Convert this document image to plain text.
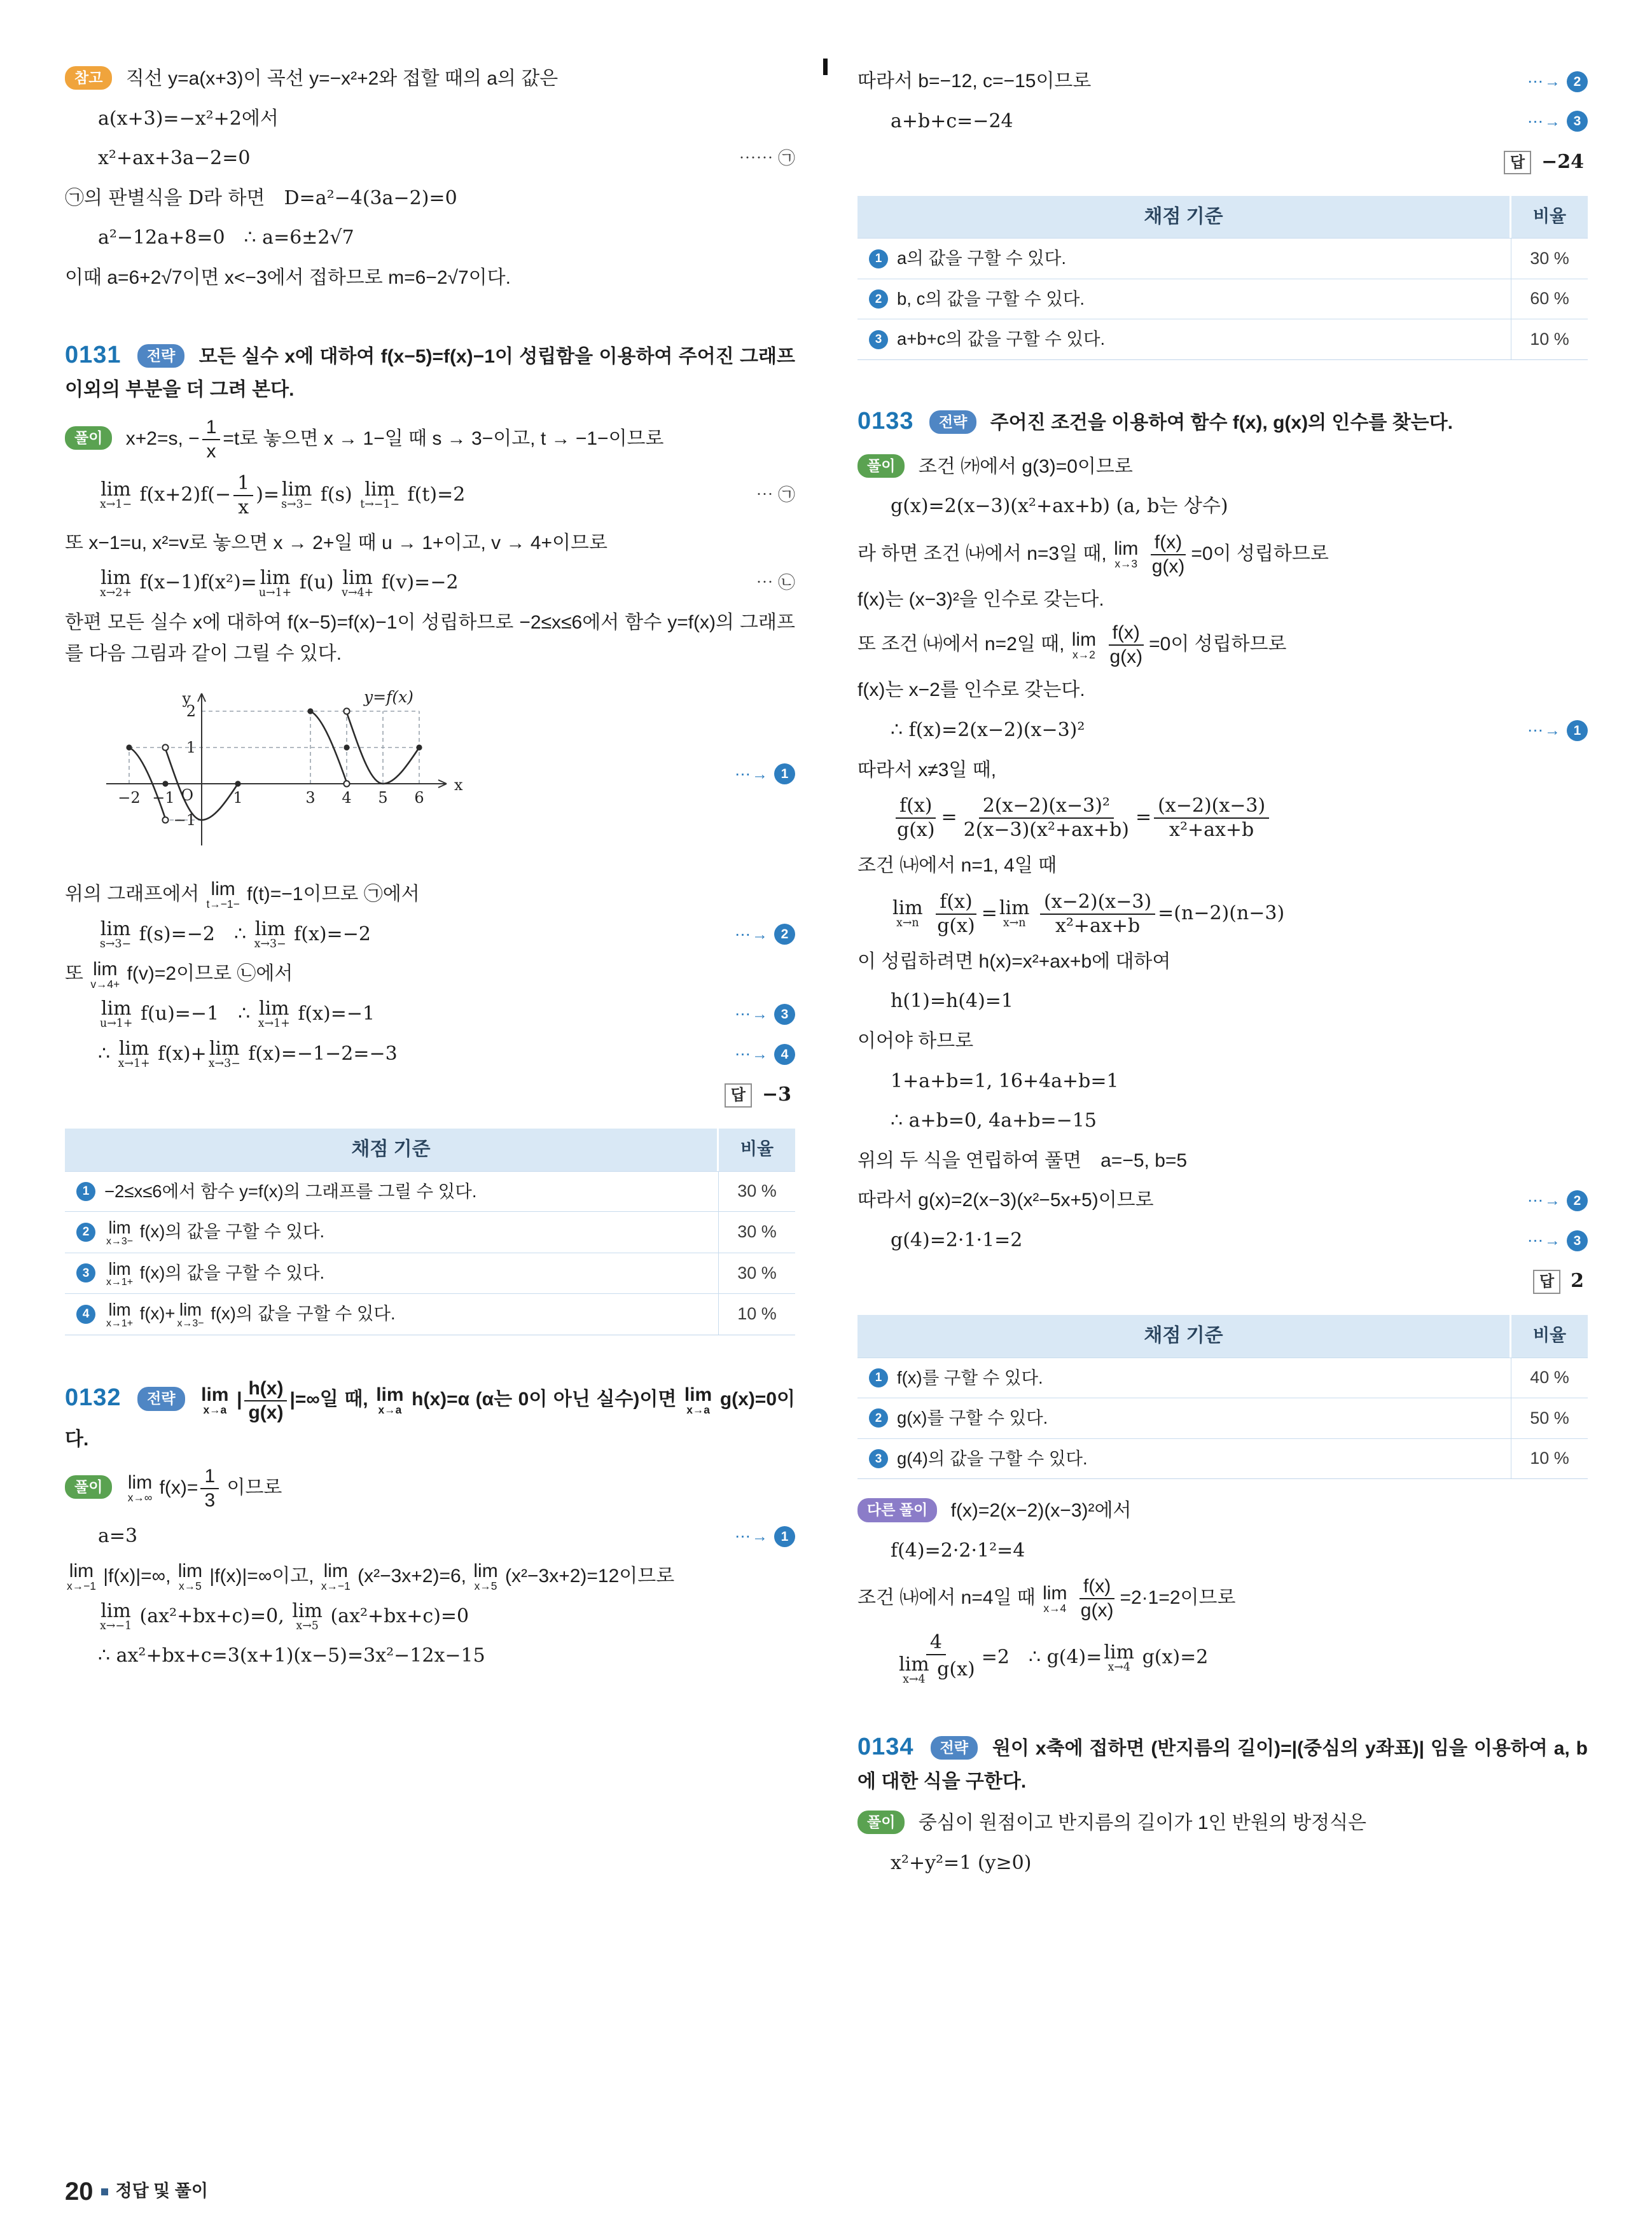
참고 직선 y=a(x+3)이 곡선 y=−x²+2와 접할 때의 a의 값은

a(x+3)=−x²+2에서
x²+ax+3a−2=0	⋯⋯ ㉠
㉠의 판별식을 D라 하면 D=a²−4(3a−2)=0
a²−12a+8=0 ∴ a=6±2√7
이때 a=6+2√7이면 x<−3에서 접하므로 m=6−2√7이다.
0131 전략 모든 실수 x에 대하여 f(x−5)=f(x)−1이 성립함을 이용하여 주어진 그래프 이외의 부분을 더 그려 본다.

풀이 x+2=s, − $\frac{1}{x} =t$로 놓으면 x → 1−일 때 s → 3−이고, t → −1−이므로

lim
$x\to 1- f(x+2)f(- \frac{1}{x}$ )= lim
s→3− f(s) lim
t→−1− f(t)=2	⋯ ㉠

또 x−1=u, x²=v로 놓으면 x → 2+일 때 u → 1+이고, v → 4+이므로

lim
x→2+ f(x−1)f(x²)= lim
u→1+ f(u) lim
v→4+ f(v)=−2	⋯ ㉡

한편 모든 실수 x에 대하여 f(x−5)=f(x)−1이 성립하므로 −2≤x≤6에서 함수 y=f(x)의 그래프를 다음 그림과 같이 그릴 수 있다.

y
x
O
y=f(x)
−2 −1	1	3 4 5 6
2
1
−1
⋯→ 1

위의 그래프에서 lim
t→−1− f(t)=−1이므로 ㉠에서

lim
s→3− f(s)=−2 ∴ lim
x→3− f(x)=−2	⋯→ 2

또 lim
v→4+ f(v)=2이므로 ㉡에서

lim
u→1+ f(u)=−1 ∴ lim
x→1+ f(x)=−1	⋯→ 3
∴ lim
x→1+ f(x)+ lim
x→3− f(x)=−1−2=−3	⋯→ 4
답 −3
채점 기준	비율
1 −2≤x≤6에서 함수 y=f(x)의 그래프를 그릴 수 있다.	30 %
2	lim
x→3− f(x)의 값을 구할 수 있다.	30 %
3	lim
x→1+ f(x)의 값을 구할 수 있다.	30 %
4	lim
x→1+ f(x)+ lim
x→3− f(x)의 값을 구할 수 있다.	10 %
0132 전략 lim
x→a | $\frac{h(x)}{g(x)}$ |=∞일 때, lim
x→a h(x)=α (α는 0이 아닌 실수)이면 lim
x→a g(x)=0이다.

풀이 lim
x→∞ $f(x)= \frac{1}{3}$ 이므로

a=3	⋯→ 1

lim
x→−1 |f(x)|=∞, lim
x→5 |f(x)|=∞이고, lim
x→−1 (x²−3x+2)=6, lim
x→5 (x²−3x+2)=12이므로

lim
x→−1 (ax²+bx+c)=0, lim
x→5 (ax²+bx+c)=0
∴ ax²+bx+c=3(x+1)(x−5)=3x²−12x−15
따라서 b=−12, c=−15이므로	⋯→ 2
a+b+c=−24	⋯→ 3
답 −24
채점 기준	비율
1 a의 값을 구할 수 있다.	30 %
2 b, c의 값을 구할 수 있다.	60 %
3 a+b+c의 값을 구할 수 있다.	10 %
0133 전략 주어진 조건을 이용하여 함수 f(x), g(x)의 인수를 찾는다.

풀이 조건 ㈎에서 g(3)=0이므로

g(x)=2(x−3)(x²+ax+b) (a, b는 상수)

라 하면 조건 ㈏에서 n=3일 때, lim
x→3
$\frac{f(x)}{g(x)} =0$이 성립하므로

f(x)는 (x−3)²을 인수로 갖는다.

또 조건 ㈏에서 n=2일 때, lim
x→2
$\frac{f(x)}{g(x)} =0$이 성립하므로

f(x)는 x−2를 인수로 갖는다.

∴ f(x)=2(x−2)(x−3)²	⋯→ 1

따라서 x≠3일 때,

$\frac{f(x)}{g(x)} = \frac{\text{2(x−2)(x−3)²}}{\text{2(x−3)(x²+ax+b)}} = \frac{(x-2)(x-3)}{\text{x²+ax+b}}$

조건 ㈏에서 n=1, 4일 때

lim
x→n
$\frac{f(x)}{g(x)} = \lim$
x→n
$\frac{(x-2)(x-3)}{\text{x²+ax+b}} =(n-2)(n-3)$

이 성립하려면 h(x)=x²+ax+b에 대하여

h(1)=h(4)=1

이어야 하므로

1+a+b=1, 16+4a+b=1
∴ a+b=0, 4a+b=−15

위의 두 식을 연립하여 풀면 a=−5, b=5

따라서 g(x)=2(x−3)(x²−5x+5)이므로	⋯→ 2
g(4)=2·1·1=2	⋯→ 3
답 2
채점 기준	비율
1 f(x)를 구할 수 있다.	40 %
2 g(x)를 구할 수 있다.	50 %
3 g(4)의 값을 구할 수 있다.	10 %

다른 풀이 f(x)=2(x−2)(x−3)²에서

f(4)=2·2·1²=4

조건 ㈏에서 n=4일 때 lim
x→4
$\frac{f(x)}{g(x)} =2\cdot 1=2$이므로

4
lim
x→4 g(x) =2 ∴ g(4)= lim
x→4 g(x)=2
0134 전략 원이 x축에 접하면 (반지름의 길이)=|(중심의 y좌표)| 임을 이용하여 a, b에 대한 식을 구한다.

풀이 중심이 원점이고 반지름의 길이가 1인 반원의 방정식은

x²+y²=1 (y≥0)
20 정답 및 풀이
